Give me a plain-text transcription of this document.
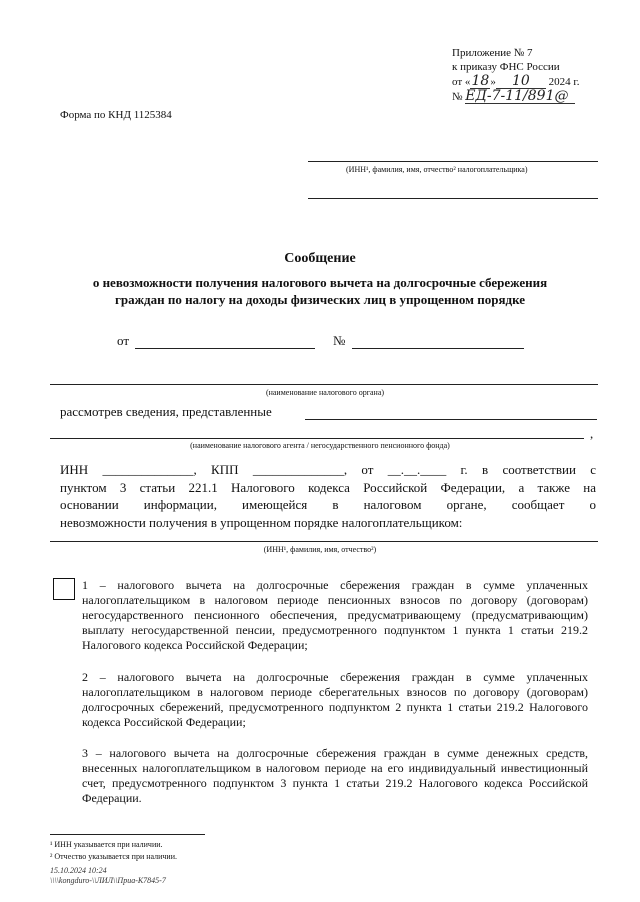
Приложение № 7
к приказу ФНС России
от «18» 10 2024 г.
№ ЕД-7-11/891@
Форма по КНД 1125384
(ИНН¹, фамилия, имя, отчество² налогоплательщика)
Сообщение
о невозможности получения налогового вычета на долгосрочные сбережения
граждан по налогу на доходы физических лиц в упрощенном порядке
от	№
(наименование налогового органа)
рассмотрев сведения, представленные
,
(наименование налогового агента / негосударственного пенсионного фонда)
ИНН ______________, КПП ______________, от __.__.____ г. в соответствии с
пунктом 3 статьи 221.1 Налогового кодекса Российской Федерации, а также на
основании информации, имеющейся в налоговом органе, сообщает о
невозможности получения в упрощенном порядке налогоплательщиком:
(ИНН¹, фамилия, имя, отчество²)
1 – налогового вычета на долгосрочные сбережения граждан в сумме уплаченных налогоплательщиком в налоговом периоде пенсионных взносов по договору (договорам) негосударственного пенсионного обеспечения, предусматривающему (предусматривающим) выплату негосударственной пенсии, предусмотренного подпунктом 1 пункта 1 статьи 219.2 Налогового кодекса Российской Федерации;
2 – налогового вычета на долгосрочные сбережения граждан в сумме уплаченных налогоплательщиком в налоговом периоде сберегательных взносов по договору (договорам) долгосрочных сбережений, предусмотренного подпунктом 2 пункта 1 статьи 219.2 Налогового кодекса Российской Федерации;
3 – налогового вычета на долгосрочные сбережения граждан в сумме денежных средств, внесенных налогоплательщиком в налоговом периоде на его индивидуальный инвестиционный счет, предусмотренного подпунктом 3 пункта 1 статьи 219.2 Налогового кодекса Российской Федерации.
¹ ИНН указывается при наличии.
² Отчество указывается при наличии.
15.10.2024 10:24
\\\\kongduro-\\ЛИЛ\\Приа-К7845-7
